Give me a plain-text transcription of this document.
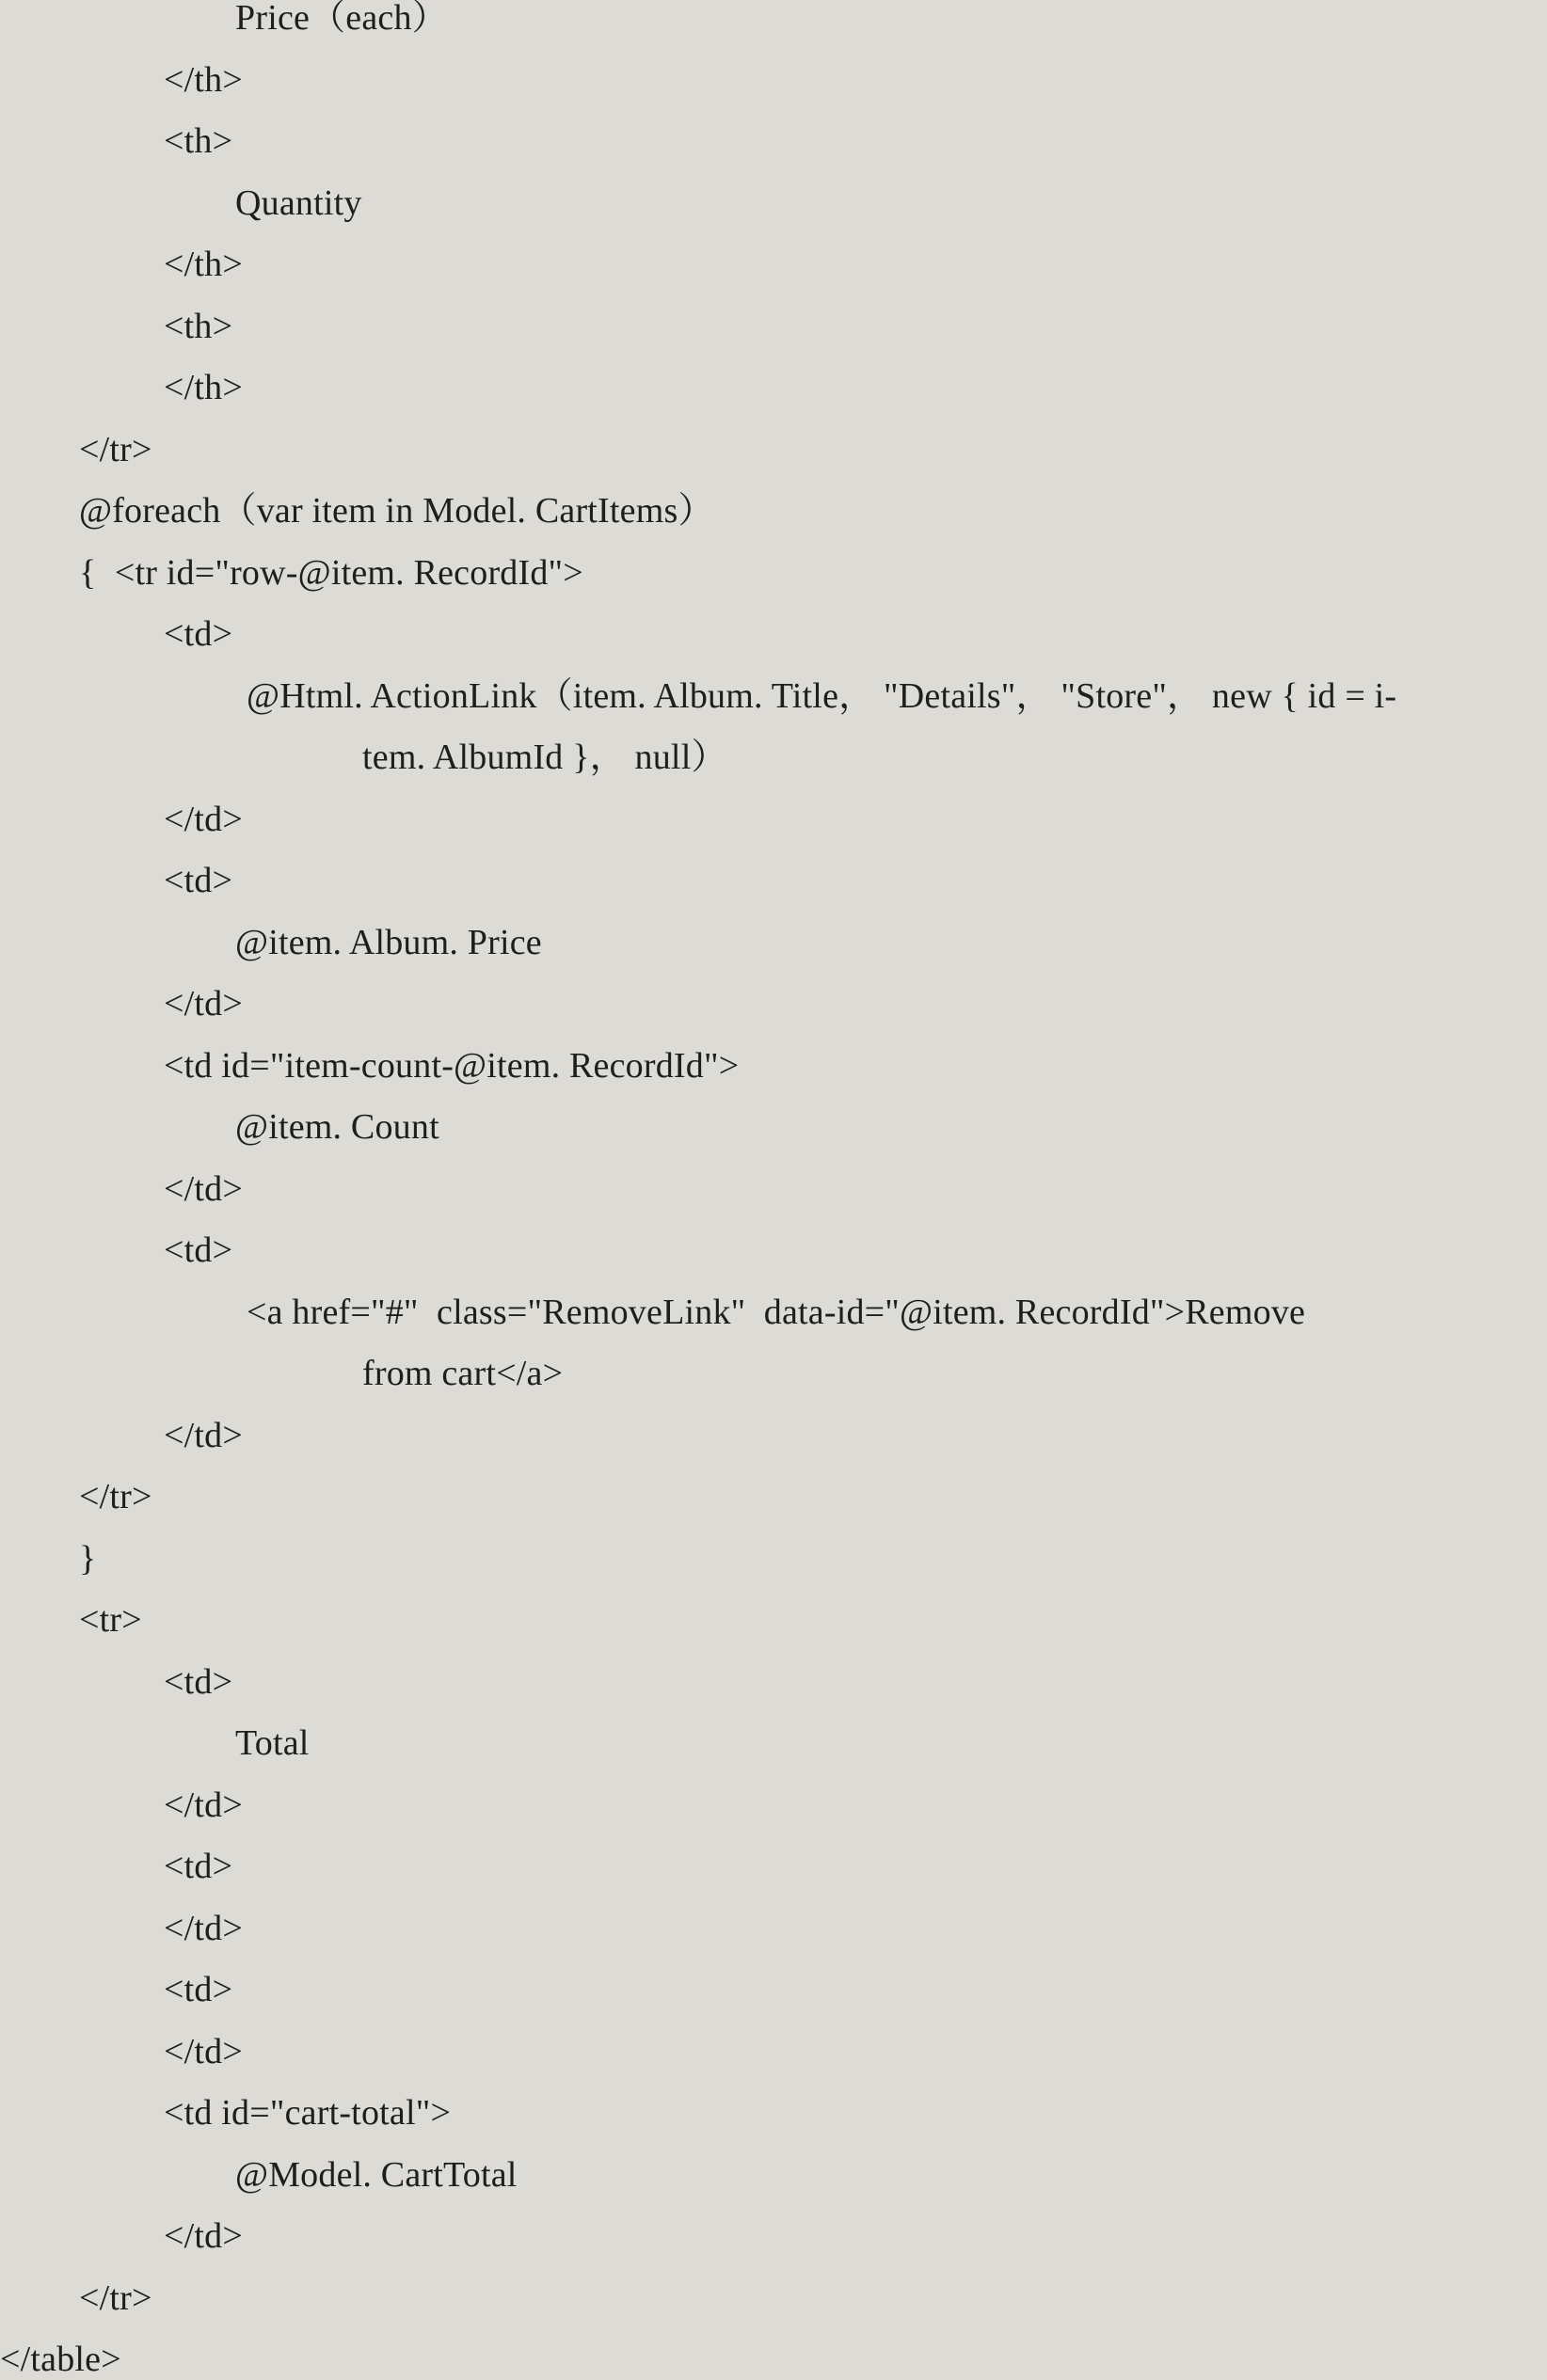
Price（each）

</th>

<th>

Quantity

</th>

<th>

</th>

</tr>

@foreach（var item in Model. CartItems）

{  <tr id="row-@item. RecordId">

<td>

@Html. ActionLink（item. Album. Title， "Details"， "Store"， new { id = i-

tem. AlbumId }， null）

</td>

<td>

@item. Album. Price

</td>

<td id="item-count-@item. RecordId">

@item. Count

</td>

<td>

<a href="#"  class="RemoveLink"  data-id="@item. RecordId">Remove

from cart</a>

</td>

</tr>

}

<tr>

<td>

Total

</td>

<td>

</td>

<td>

</td>

<td id="cart-total">

@Model. CartTotal

</td>

</tr>

</table>
